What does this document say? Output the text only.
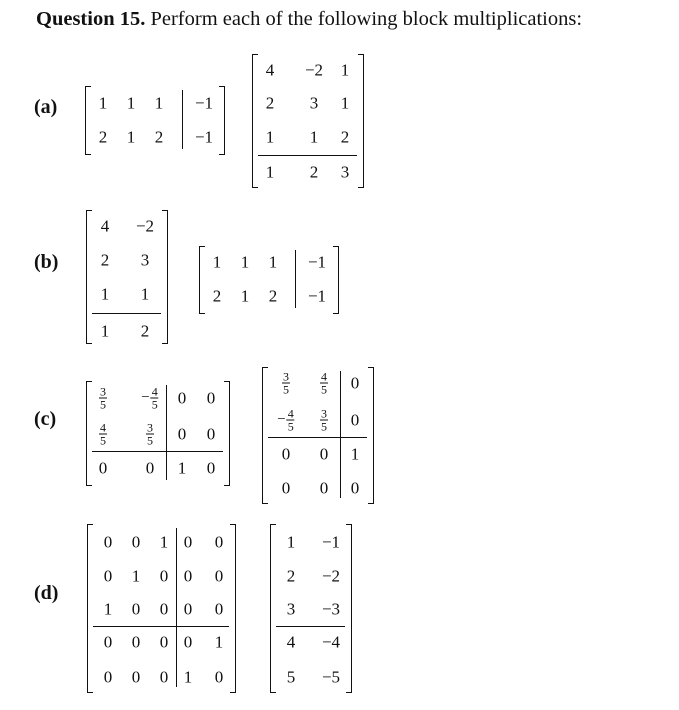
Question 15. Perform each of the following block multiplications:
(a) 1 1 1 −1
2 1 2 −1
4 −2 1
2 3 1
1 1 2
1 2 3
(b)
4 −2
2 3
1 1
1 2
1 1 1 −1
2 1 2 −1
(c)
$\frac{3}{5} - \frac{4}{5} 0$ 0
$\frac{4}{5}$	$\frac{3}{5} 0$ 0
0 0 1 0
$\frac{3}{5}$	$\frac{4}{5} 0$
− $\frac{4}{5} \frac{3}{5} 0$
0 0 1
0 0 0
(d)
0 0 1 0 0
0 1 0 0 0
1 0 0 0 0
0 0 0 0 1
0 0 0 1 0
1 −1
2 −2
3 −3
4 −4
5 −5
